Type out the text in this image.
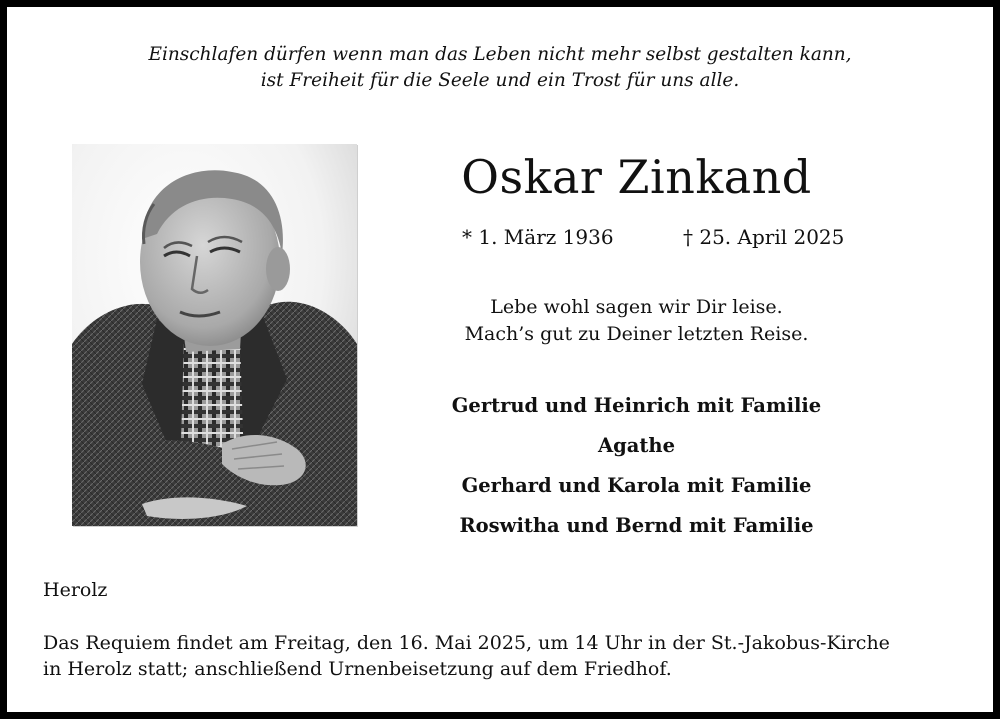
Einschlafen dürfen wenn man das Leben nicht mehr selbst gestalten kann,
ist Freiheit für die Seele und ein Trost für uns alle.
Oskar Zinkand
* 1. März 1936	† 25. April 2025
Lebe wohl sagen wir Dir leise.
Mach’s gut zu Deiner letzten Reise.
Gertrud und Heinrich mit Familie
Agathe
Gerhard und Karola mit Familie
Roswitha und Bernd mit Familie
Herolz
Das Requiem findet am Freitag, den 16. Mai 2025, um 14 Uhr in der St.-Jakobus-Kirche
in Herolz statt; anschließend Urnenbeisetzung auf dem Friedhof.
